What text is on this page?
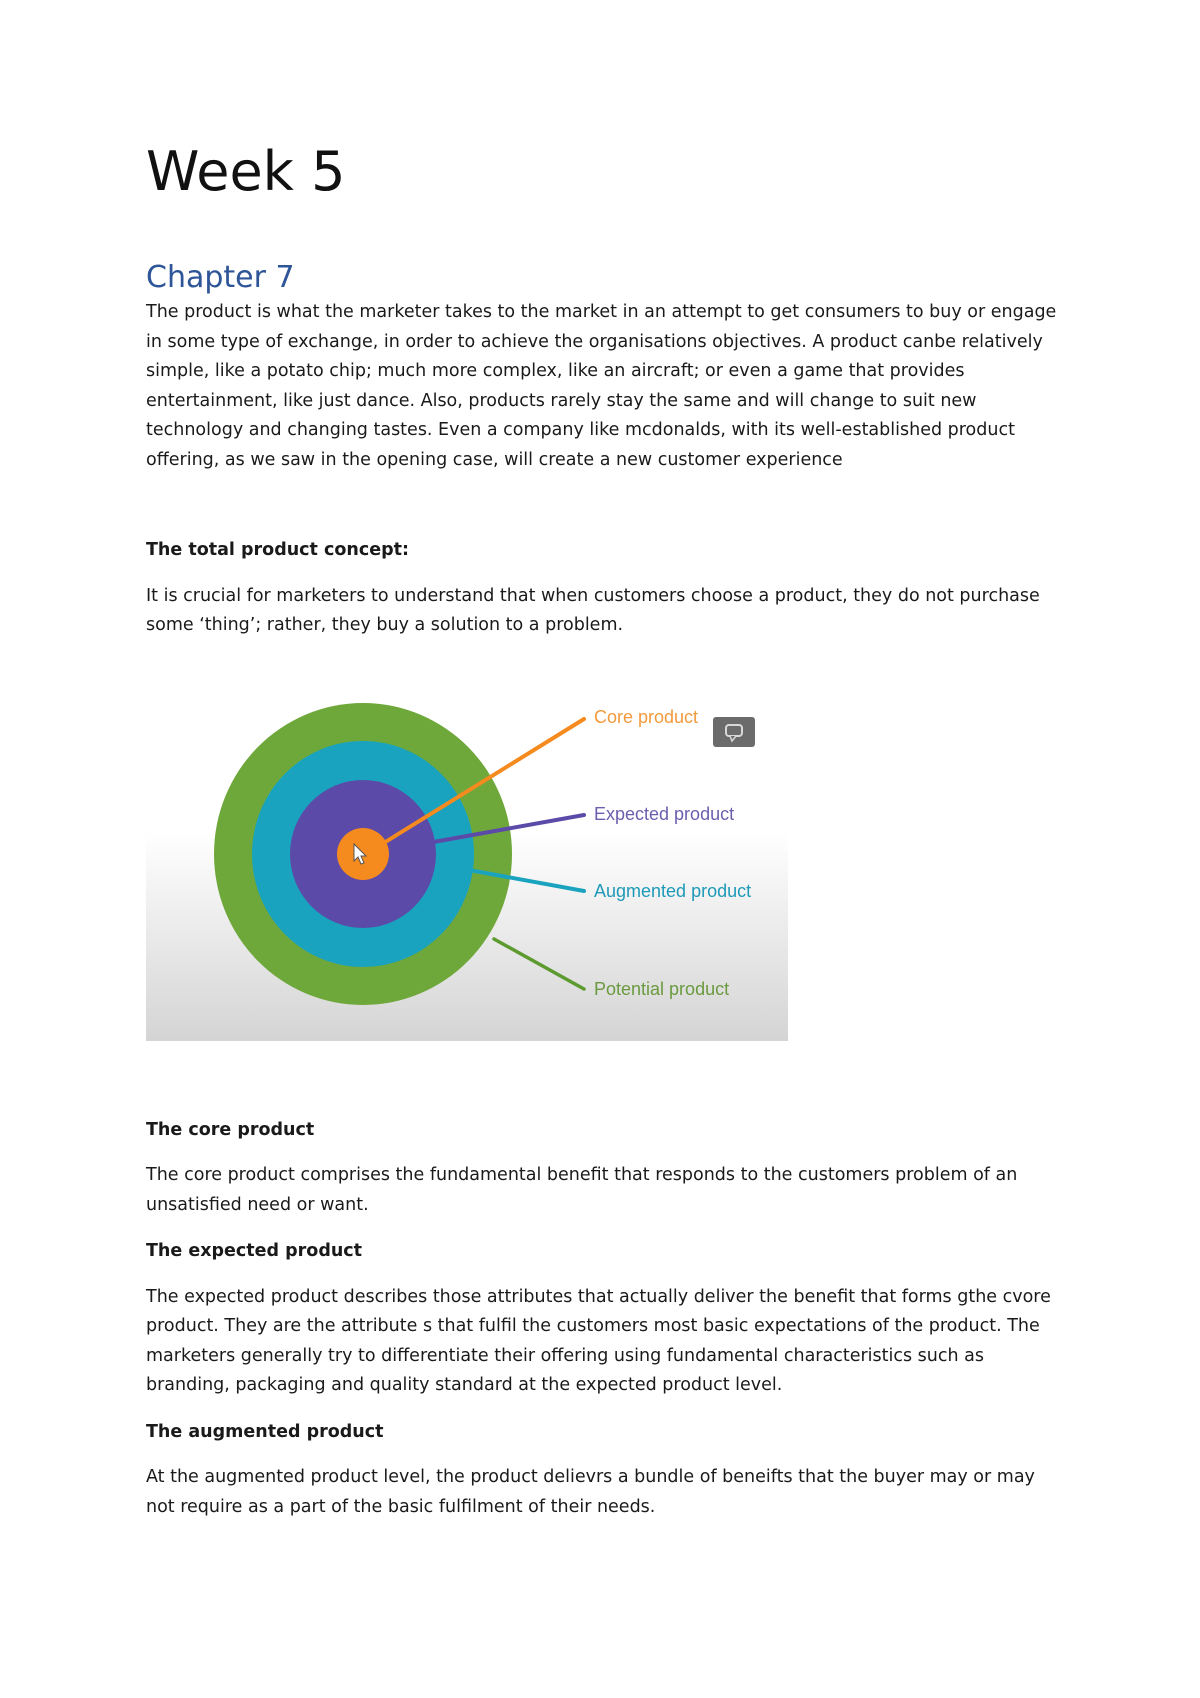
Week 5
Chapter 7

The product is what the marketer takes to the market in an attempt to get consumers to buy or engage in some type of exchange, in order to achieve the organisations objectives. A product canbe relatively simple, like a potato chip; much more complex, like an aircraft; or even a game that provides entertainment, like just dance. Also, products rarely stay the same and will change to suit new technology and changing tastes. Even a company like mcdonalds, with its well-established product offering, as we saw in the opening case, will create a new customer experience

The total product concept:

It is crucial for marketers to understand that when customers choose a product, they do not purchase some ‘thing’; rather, they buy a solution to a problem.

Core product
Expected product
Augmented product
Potential product
The core product

The core product comprises the fundamental benefit that responds to the customers problem of an unsatisfied need or want.

The expected product

The expected product describes those attributes that actually deliver the benefit that forms gthe cvore product. They are the attribute s that fulfil the customers most basic expectations of the product. The marketers generally try to differentiate their offering using fundamental characteristics such as branding, packaging and quality standard at the expected product level.

The augmented product

At the augmented product level, the product delievrs a bundle of beneifts that the buyer may or may not require as a part of the basic fulfilment of their needs.
